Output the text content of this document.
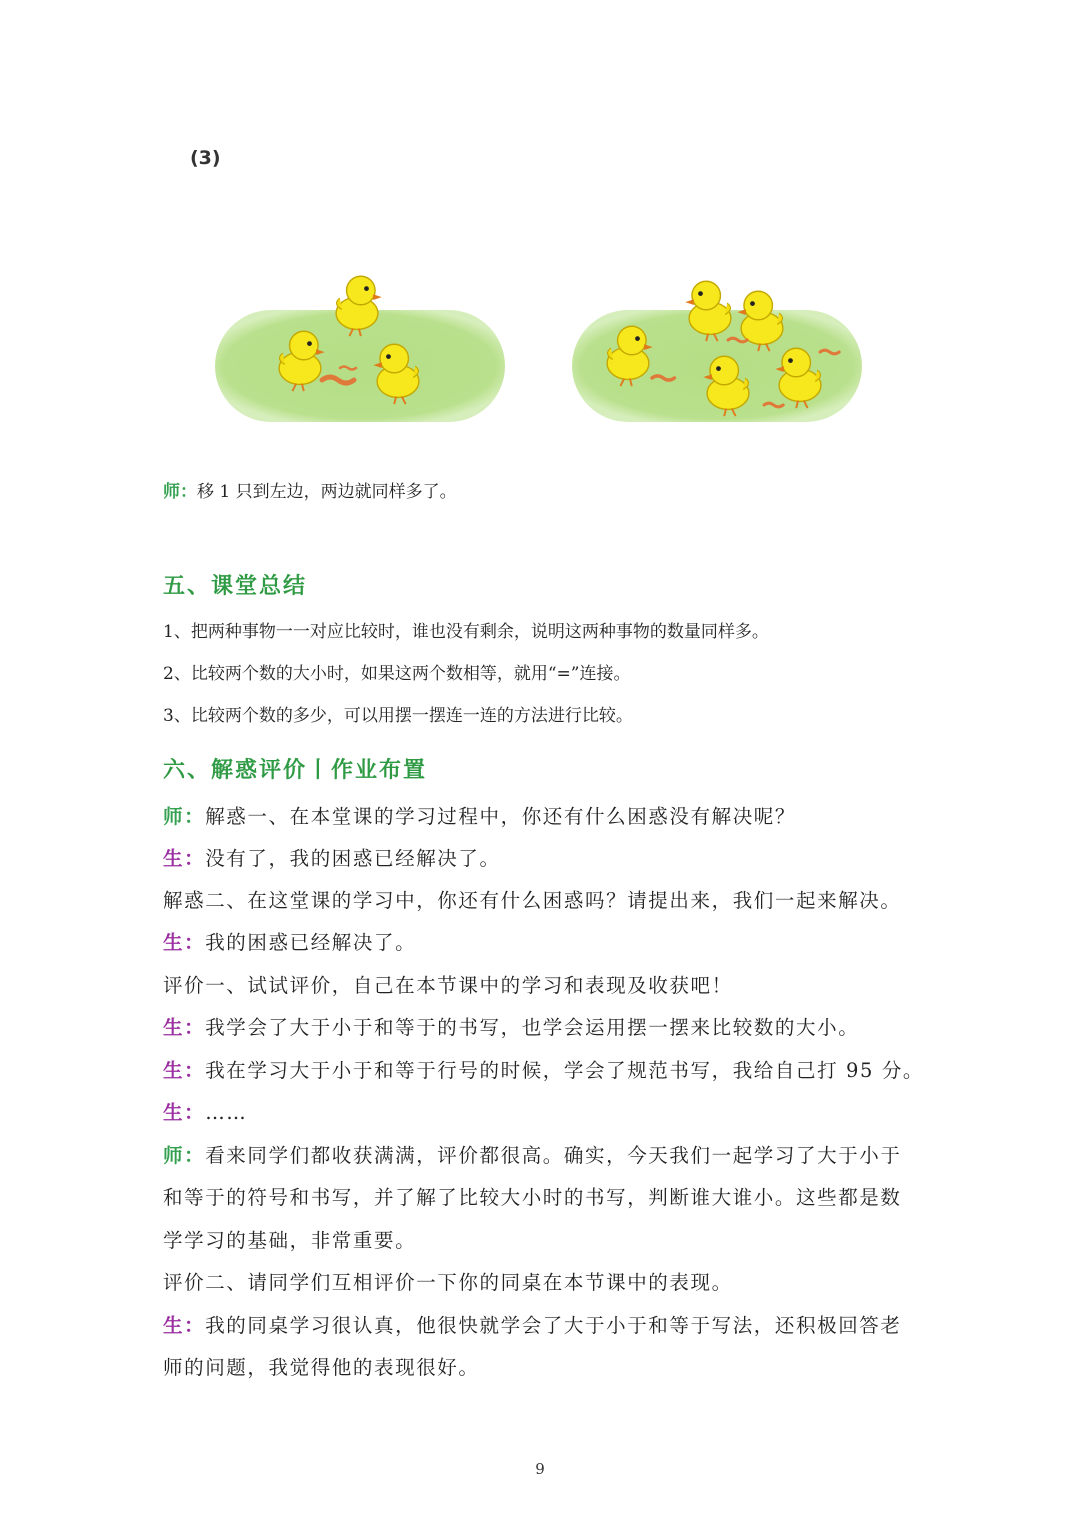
(3)
师：移 1 只到左边，两边就同样多了。
五、课堂总结
1、把两种事物一一对应比较时，谁也没有剩余，说明这两种事物的数量同样多。
2、比较两个数的大小时，如果这两个数相等，就用“=”连接。
3、比较两个数的多少，可以用摆一摆连一连的方法进行比较。
六、解惑评价丨作业布置
师：解惑一、在本堂课的学习过程中，你还有什么困惑没有解决呢？
生：没有了，我的困惑已经解决了。
解惑二、在这堂课的学习中，你还有什么困惑吗？请提出来，我们一起来解决。
生：我的困惑已经解决了。
评价一、试试评价，自己在本节课中的学习和表现及收获吧！
生：我学会了大于小于和等于的书写，也学会运用摆一摆来比较数的大小。
生：我在学习大于小于和等于行号的时候，学会了规范书写，我给自己打 95 分。
生：……
师：看来同学们都收获满满，评价都很高。确实，今天我们一起学习了大于小于
和等于的符号和书写，并了解了比较大小时的书写，判断谁大谁小。这些都是数
学学习的基础，非常重要。
评价二、请同学们互相评价一下你的同桌在本节课中的表现。
生：我的同桌学习很认真，他很快就学会了大于小于和等于写法，还积极回答老
师的问题，我觉得他的表现很好。
9
